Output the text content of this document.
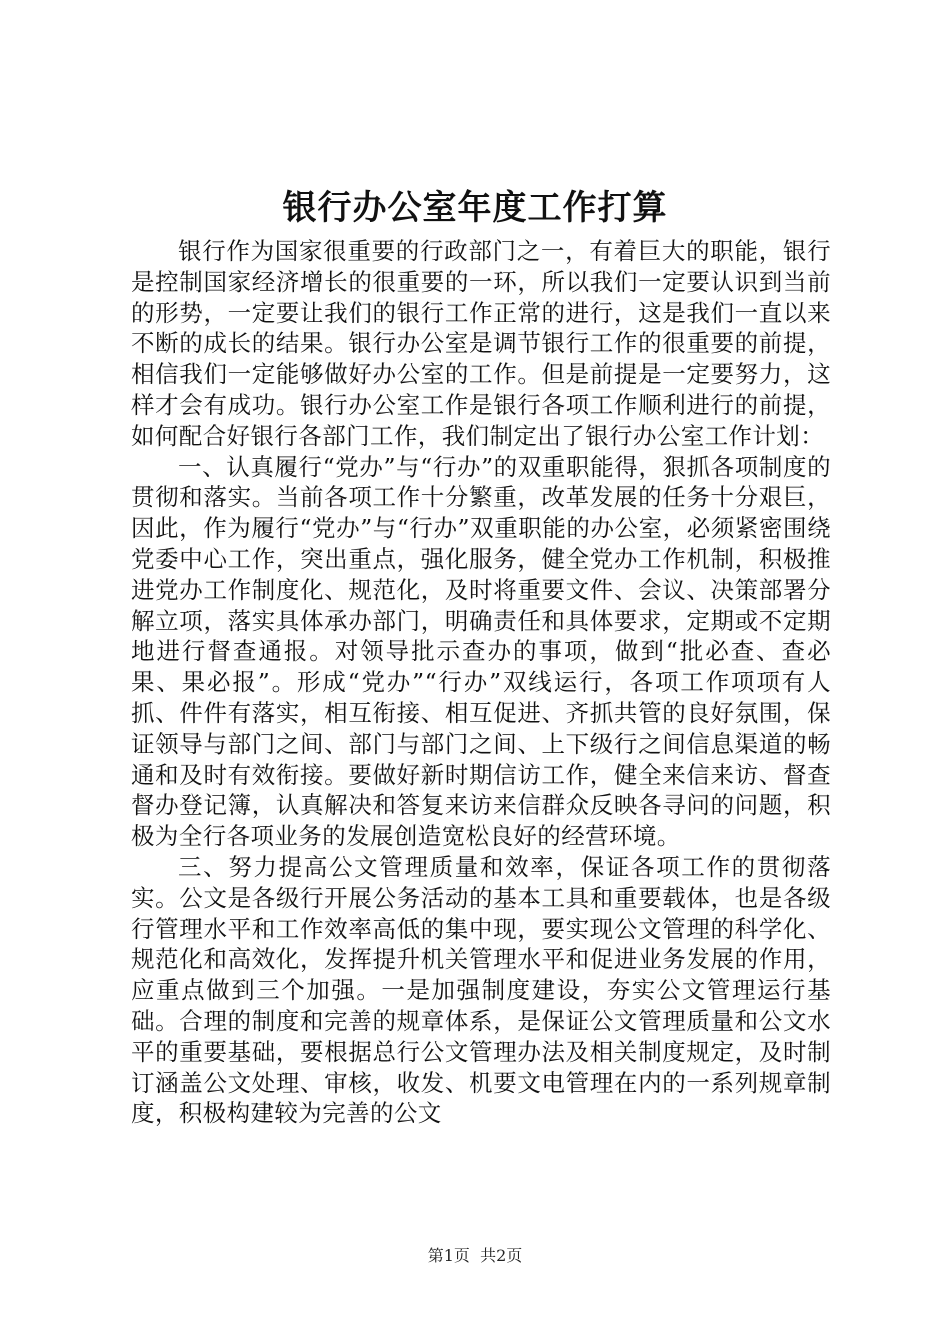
银行办公室年度工作打算

银行作为国家很重要的行政部门之一，有着巨大的职能，银行是控制国家经济增长的很重要的一环，所以我们一定要认识到当前的形势，一定要让我们的银行工作正常的进行，这是我们一直以来不断的成长的结果。银行办公室是调节银行工作的很重要的前提，相信我们一定能够做好办公室的工作。但是前提是一定要努力，这样才会有成功。银行办公室工作是银行各项工作顺利进行的前提，如何配合好银行各部门工作，我们制定出了银行办公室工作计划：

一、认真履行“党办”与“行办”的双重职能得，狠抓各项制度的贯彻和落实。当前各项工作十分繁重，改革发展的任务十分艰巨，因此，作为履行“党办”与“行办”双重职能的办公室，必须紧密围绕党委中心工作，突出重点，强化服务，健全党办工作机制，积极推进党办工作制度化、规范化，及时将重要文件、会议、决策部署分解立项，落实具体承办部门，明确责任和具体要求，定期或不定期地进行督查通报。对领导批示查办的事项，做到“批必查、查必果、果必报”。形成“党办”“行办”双线运行，各项工作项项有人抓、件件有落实，相互衔接、相互促进、齐抓共管的良好氛围，保证领导与部门之间、部门与部门之间、上下级行之间信息渠道的畅通和及时有效衔接。要做好新时期信访工作，健全来信来访、督查督办登记簿，认真解决和答复来访来信群众反映各寻问的问题，积极为全行各项业务的发展创造宽松良好的经营环境。

三、努力提高公文管理质量和效率，保证各项工作的贯彻落实。公文是各级行开展公务活动的基本工具和重要载体，也是各级行管理水平和工作效率高低的集中现，要实现公文管理的科学化、规范化和高效化，发挥提升机关管理水平和促进业务发展的作用，应重点做到三个加强。一是加强制度建设，夯实公文管理运行基础。合理的制度和完善的规章体系，是保证公文管理质量和公文水平的重要基础，要根据总行公文管理办法及相关制度规定，及时制订涵盖公文处理、审核，收发、机要文电管理在内的一系列规章制度，积极构建较为完善的公文

第1页 共2页
